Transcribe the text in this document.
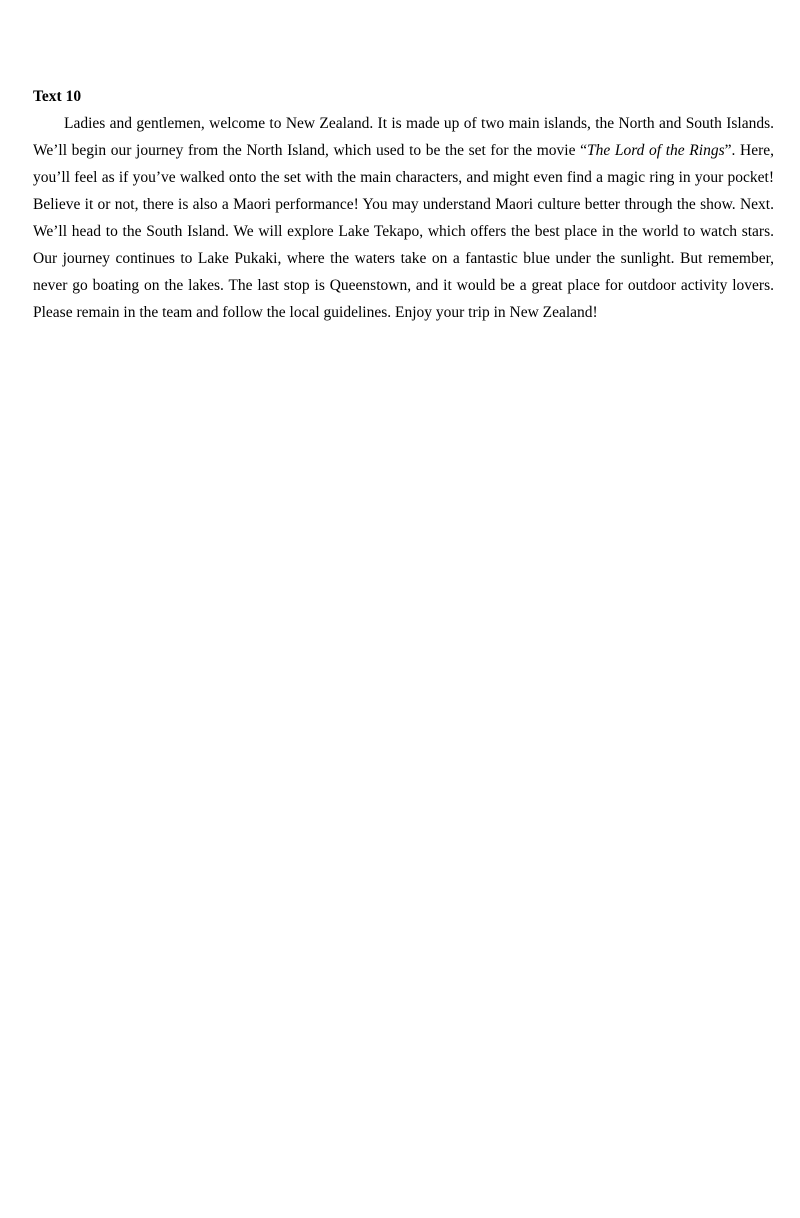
Text 10

Ladies and gentlemen, welcome to New Zealand. It is made up of two main islands, the North and South Islands. We’ll begin our journey from the North Island, which used to be the set for the movie “The Lord of the Rings”. Here, you’ll feel as if you’ve walked onto the set with the main characters, and might even find a magic ring in your pocket! Believe it or not, there is also a Maori performance! You may understand Maori culture better through the show. Next. We’ll head to the South Island. We will explore Lake Tekapo, which offers the best place in the world to watch stars. Our journey continues to Lake Pukaki, where the waters take on a fantastic blue under the sunlight. But remember, never go boating on the lakes. The last stop is Queenstown, and it would be a great place for outdoor activity lovers. Please remain in the team and follow the local guidelines. Enjoy your trip in New Zealand!
